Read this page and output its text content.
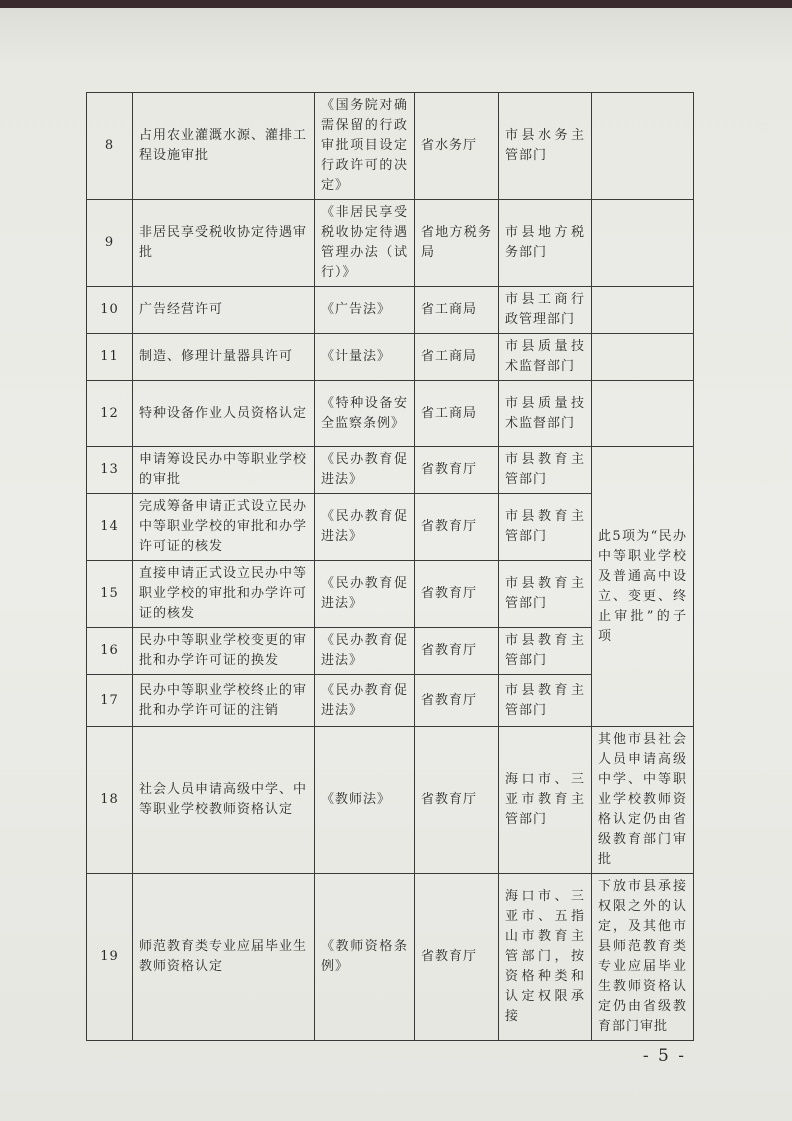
8	占用农业灌溉水源、灌排工程设施审批	《国务院对确需保留的行政审批项目设定行政许可的决定》	省水务厅	市县水务主管部门	
9	非居民享受税收协定待遇审批	《非居民享受税收协定待遇管理办法（试行）》	省地方税务局	市县地方税务部门	
10	广告经营许可	《广告法》	省工商局	市县工商行政管理部门	
11	制造、修理计量器具许可	《计量法》	省工商局	市县质量技术监督部门	
12	特种设备作业人员资格认定	《特种设备安全监察条例》	省工商局	市县质量技术监督部门	
13	申请筹设民办中等职业学校的审批	《民办教育促进法》	省教育厅	市县教育主管部门	此5项为“民办中等职业学校及普通高中设立、变更、终止审批”的子项
14	完成筹备申请正式设立民办中等职业学校的审批和办学许可证的核发	《民办教育促进法》	省教育厅	市县教育主管部门	
15	直接申请正式设立民办中等职业学校的审批和办学许可证的核发	《民办教育促进法》	省教育厅	市县教育主管部门	
16	民办中等职业学校变更的审批和办学许可证的换发	《民办教育促进法》	省教育厅	市县教育主管部门	
17	民办中等职业学校终止的审批和办学许可证的注销	《民办教育促进法》	省教育厅	市县教育主管部门	
18	社会人员申请高级中学、中等职业学校教师资格认定	《教师法》	省教育厅	海口市、三亚市教育主管部门	其他市县社会人员申请高级中学、中等职业学校教师资格认定仍由省级教育部门审批
19	师范教育类专业应届毕业生教师资格认定	《教师资格条例》	省教育厅	海口市、三亚市、五指山市教育主管部门，按资格种类和认定权限承接	下放市县承接权限之外的认定，及其他市县师范教育类专业应届毕业生教师资格认定仍由省级教育部门审批
- 5 -
